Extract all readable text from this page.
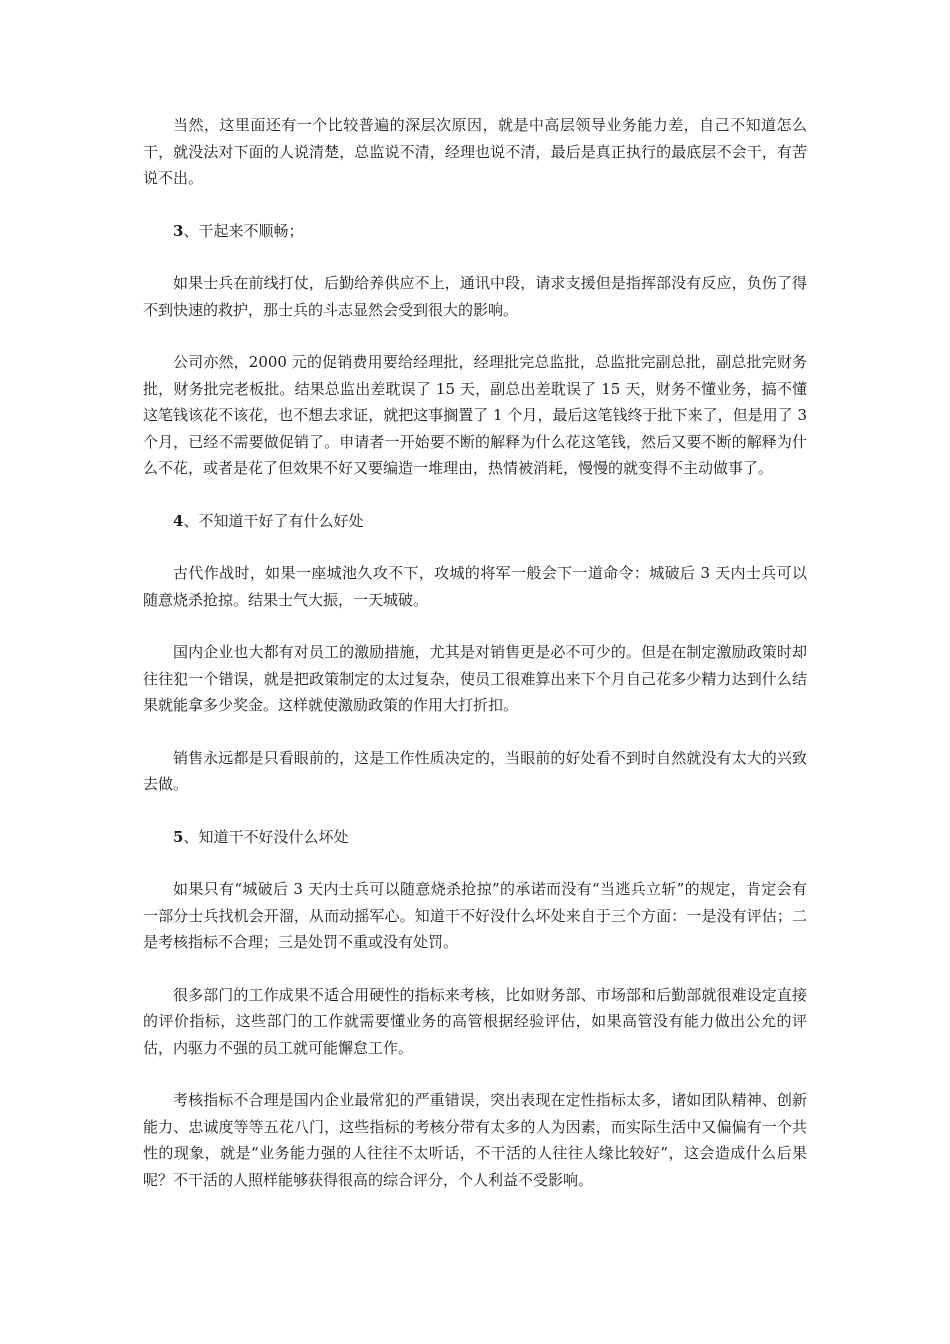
当然，这里面还有一个比较普遍的深层次原因，就是中高层领导业务能力差，自己不知道怎么干，就没法对下面的人说清楚，总监说不清，经理也说不清，最后是真正执行的最底层不会干，有苦说不出。

3、干起来不顺畅；

如果士兵在前线打仗，后勤给养供应不上，通讯中段，请求支援但是指挥部没有反应，负伤了得不到快速的救护，那士兵的斗志显然会受到很大的影响。

公司亦然，2000 元的促销费用要给经理批，经理批完总监批，总监批完副总批，副总批完财务批，财务批完老板批。结果总监出差耽误了 15 天，副总出差耽误了 15 天，财务不懂业务，搞不懂这笔钱该花不该花，也不想去求证，就把这事搁置了 1 个月，最后这笔钱终于批下来了，但是用了 3 个月，已经不需要做促销了。申请者一开始要不断的解释为什么花这笔钱，然后又要不断的解释为什么不花，或者是花了但效果不好又要编造一堆理由，热情被消耗，慢慢的就变得不主动做事了。

4、不知道干好了有什么好处

古代作战时，如果一座城池久攻不下，攻城的将军一般会下一道命令：城破后 3 天内士兵可以随意烧杀抢掠。结果士气大振，一天城破。

国内企业也大都有对员工的激励措施，尤其是对销售更是必不可少的。但是在制定激励政策时却往往犯一个错误，就是把政策制定的太过复杂，使员工很难算出来下个月自己花多少精力达到什么结果就能拿多少奖金。这样就使激励政策的作用大打折扣。

销售永远都是只看眼前的，这是工作性质决定的，当眼前的好处看不到时自然就没有太大的兴致去做。

5、知道干不好没什么坏处

如果只有“城破后 3 天内士兵可以随意烧杀抢掠”的承诺而没有“当逃兵立斩”的规定，肯定会有一部分士兵找机会开溜，从而动摇军心。知道干不好没什么坏处来自于三个方面：一是没有评估；二是考核指标不合理；三是处罚不重或没有处罚。

很多部门的工作成果不适合用硬性的指标来考核，比如财务部、市场部和后勤部就很难设定直接的评价指标，这些部门的工作就需要懂业务的高管根据经验评估，如果高管没有能力做出公允的评估，内驱力不强的员工就可能懈怠工作。

考核指标不合理是国内企业最常犯的严重错误，突出表现在定性指标太多，诸如团队精神、创新能力、忠诚度等等五花八门，这些指标的考核分带有太多的人为因素，而实际生活中又偏偏有一个共性的现象，就是“业务能力强的人往往不太听话，不干活的人往往人缘比较好”，这会造成什么后果呢？不干活的人照样能够获得很高的综合评分，个人利益不受影响。
